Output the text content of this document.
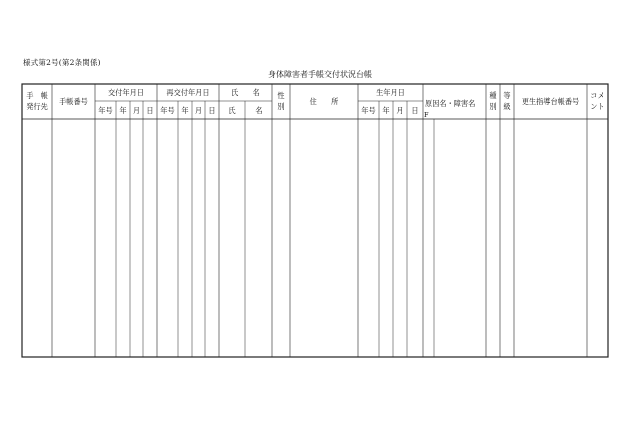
様式第2号(第2条関係)
身体障害者手帳交付状況台帳
手　帳
発行先
手帳番号
交付年月日
年号 年 月 日
再交付年月日
年号 年 月 日
氏　　名
氏	名
性
別
住　　所
生年月日
年号 年 月 日
原因名・障害名
F
種
別
等
級
更生指導台帳番号
コメ
ント
